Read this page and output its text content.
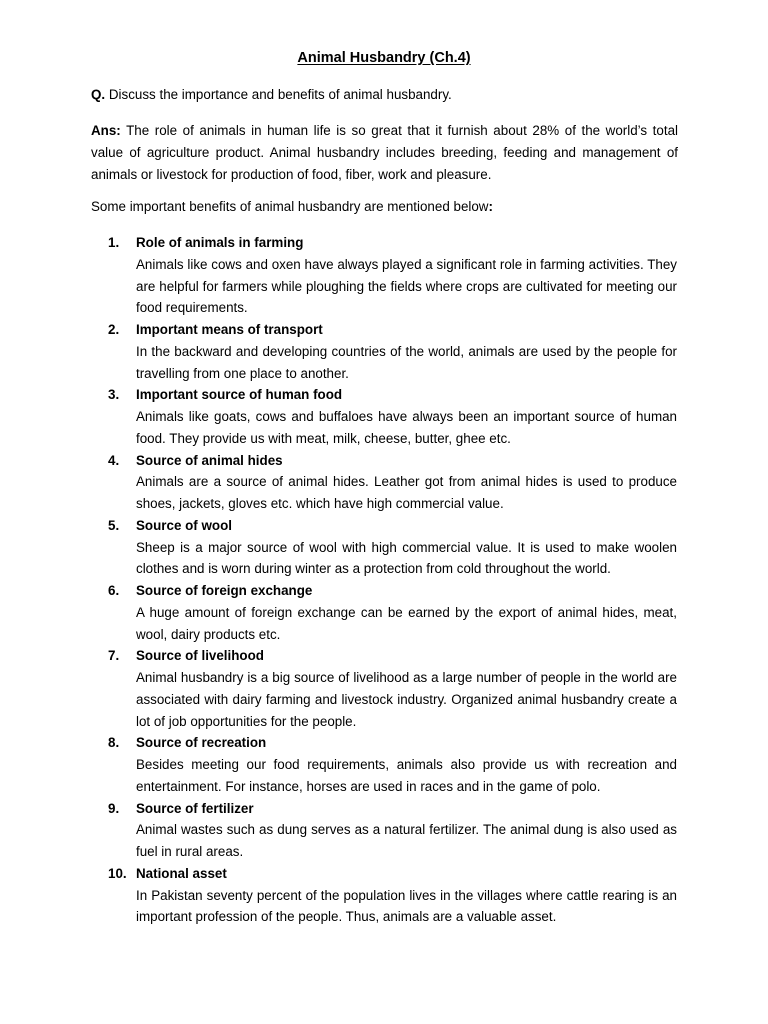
Animal Husbandry (Ch.4)
Q. Discuss the importance and benefits of animal husbandry.
Ans: The role of animals in human life is so great that it furnish about 28% of the world’s total value of agriculture product. Animal husbandry includes breeding, feeding and management of animals or livestock for production of food, fiber, work and pleasure.
Some important benefits of animal husbandry are mentioned below:
1.	Role of animals in farming
Animals like cows and oxen have always played a significant role in farming activities. They are helpful for farmers while ploughing the fields where crops are cultivated for meeting our food requirements.
2.	Important means of transport
In the backward and developing countries of the world, animals are used by the people for travelling from one place to another.
3.	Important source of human food
Animals like goats, cows and buffaloes have always been an important source of human food. They provide us with meat, milk, cheese, butter, ghee etc.
4.	Source of animal hides
Animals are a source of animal hides. Leather got from animal hides is used to produce shoes, jackets, gloves etc. which have high commercial value.
5.	Source of wool
Sheep is a major source of wool with high commercial value. It is used to make woolen clothes and is worn during winter as a protection from cold throughout the world.
6.	Source of foreign exchange
A huge amount of foreign exchange can be earned by the export of animal hides, meat, wool, dairy products etc.
7.	Source of livelihood
Animal husbandry is a big source of livelihood as a large number of people in the world are associated with dairy farming and livestock industry. Organized animal husbandry create a lot of job opportunities for the people.
8.	Source of recreation
Besides meeting our food requirements, animals also provide us with recreation and entertainment. For instance, horses are used in races and in the game of polo.
9.	Source of fertilizer
Animal wastes such as dung serves as a natural fertilizer. The animal dung is also used as fuel in rural areas.
10. National asset
In Pakistan seventy percent of the population lives in the villages where cattle rearing is an important profession of the people. Thus, animals are a valuable asset.
